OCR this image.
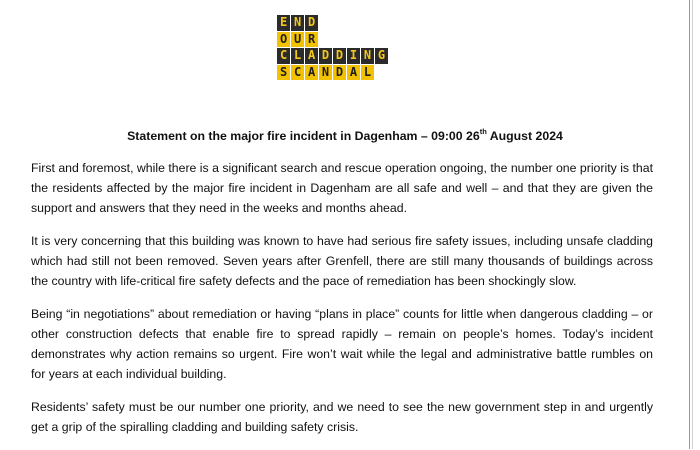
E N D
O U R
C L A D D I N G
S C A N D A L
Statement on the major fire incident in Dagenham – 09:00 26th August 2024

First and foremost, while there is a significant search and rescue operation ongoing, the number one priority is that the residents affected by the major fire incident in Dagenham are all safe and well – and that they are given the support and answers that they need in the weeks and months ahead.

It is very concerning that this building was known to have had serious fire safety issues, including unsafe cladding which had still not been removed. Seven years after Grenfell, there are still many thousands of buildings across the country with life-critical fire safety defects and the pace of remediation has been shockingly slow.

Being “in negotiations” about remediation or having “plans in place” counts for little when dangerous cladding – or other construction defects that enable fire to spread rapidly – remain on people’s homes. Today’s incident demonstrates why action remains so urgent. Fire won’t wait while the legal and administrative battle rumbles on for years at each individual building.

Residents’ safety must be our number one priority, and we need to see the new government step in and urgently get a grip of the spiralling cladding and building safety crisis.
